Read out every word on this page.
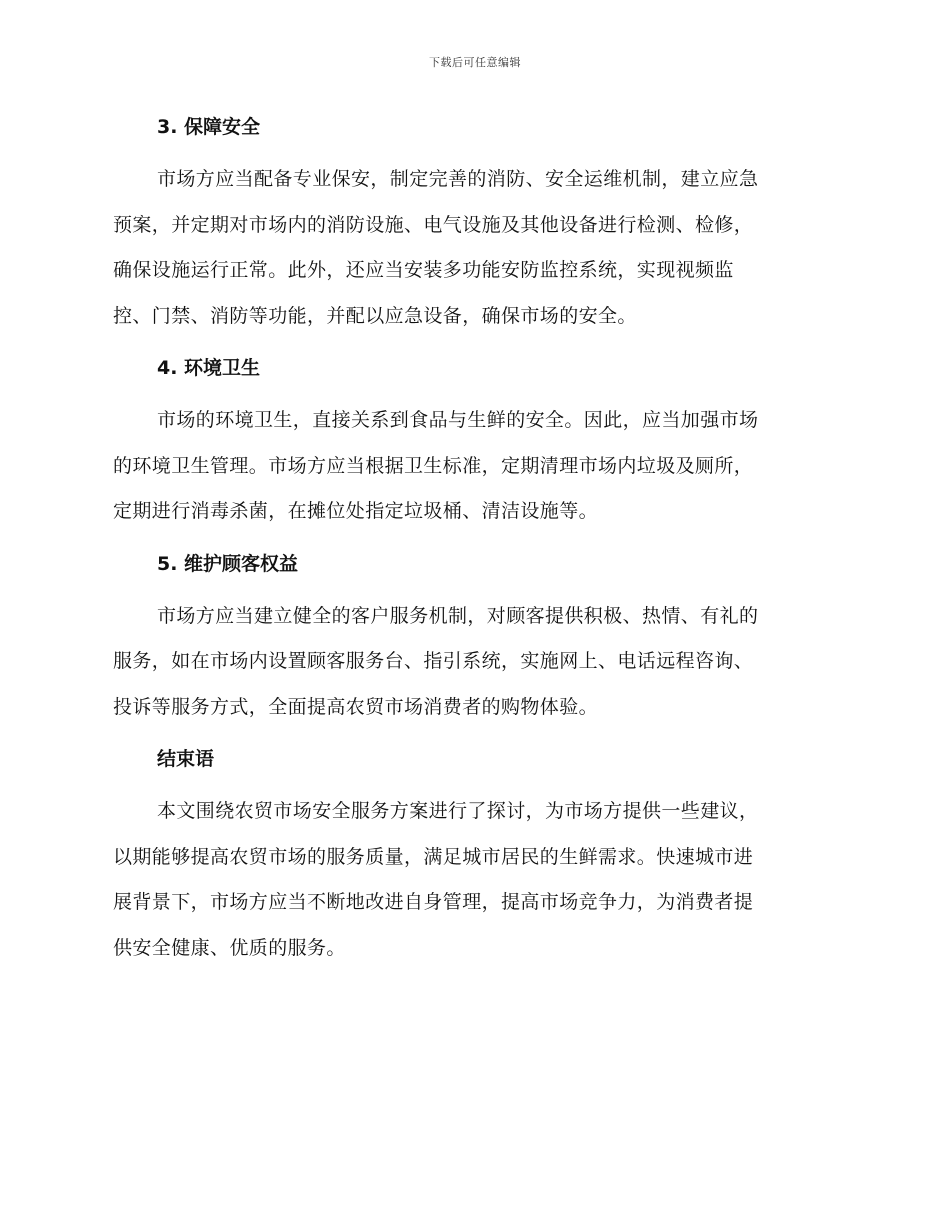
下载后可任意编辑
3. 保障安全
市场方应当配备专业保安，制定完善的消防、安全运维机制，建立应急
预案，并定期对市场内的消防设施、电气设施及其他设备进行检测、检修，
确保设施运行正常。此外，还应当安装多功能安防监控系统，实现视频监
控、门禁、消防等功能，并配以应急设备，确保市场的安全。
4. 环境卫生
市场的环境卫生，直接关系到食品与生鲜的安全。因此，应当加强市场
的环境卫生管理。市场方应当根据卫生标准，定期清理市场内垃圾及厕所，
定期进行消毒杀菌，在摊位处指定垃圾桶、清洁设施等。
5. 维护顾客权益
市场方应当建立健全的客户服务机制，对顾客提供积极、热情、有礼的
服务，如在市场内设置顾客服务台、指引系统，实施网上、电话远程咨询、
投诉等服务方式，全面提高农贸市场消费者的购物体验。
结束语
本文围绕农贸市场安全服务方案进行了探讨，为市场方提供一些建议，
以期能够提高农贸市场的服务质量，满足城市居民的生鲜需求。快速城市进
展背景下，市场方应当不断地改进自身管理，提高市场竞争力，为消费者提
供安全健康、优质的服务。
